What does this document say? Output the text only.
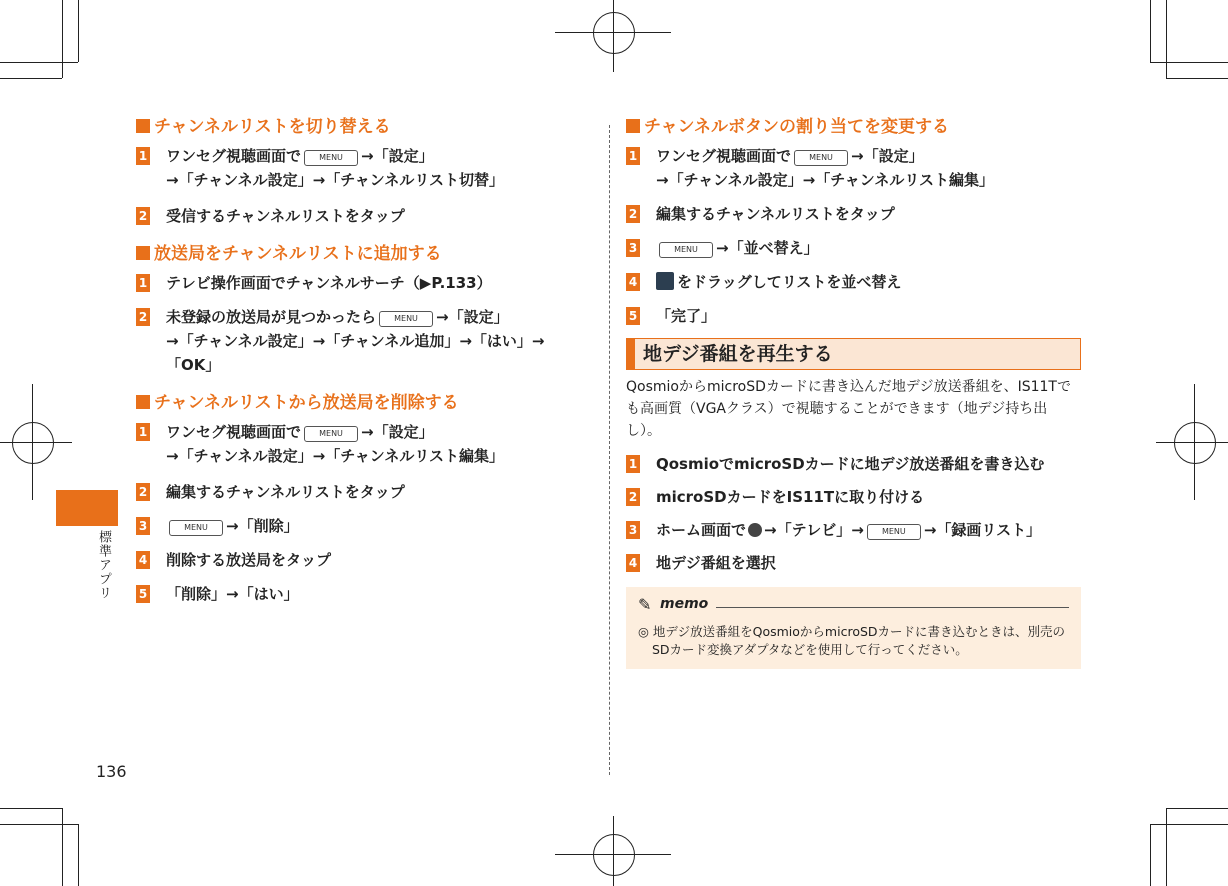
チャンネルリストを切り替える

1 ワンセグ視聴画面で MENU →「設定」
→「チャンネル設定」→「チャンネルリスト切替」
2 受信するチャンネルリストをタップ

放送局をチャンネルリストに追加する

1 テレビ操作画面でチャンネルサーチ（▶P.133）
2 未登録の放送局が見つかったら MENU →「設定」
→「チャンネル設定」→「チャンネル追加」→「はい」→「OK」

チャンネルリストから放送局を削除する

1 ワンセグ視聴画面で MENU →「設定」
→「チャンネル設定」→「チャンネルリスト編集」
2 編集するチャンネルリストをタップ
3	MENU →「削除」
4 削除する放送局をタップ
5 「削除」→「はい」

チャンネルボタンの割り当てを変更する

1 ワンセグ視聴画面で MENU →「設定」
→「チャンネル設定」→「チャンネルリスト編集」
2 編集するチャンネルリストをタップ
3	MENU →「並べ替え」
4	をドラッグしてリストを並べ替え
5 「完了」
地デジ番組を再生する

QosmioからmicroSDカードに書き込んだ地デジ放送番組を、IS11Tでも高画質（VGAクラス）で視聴することができます（地デジ持ち出し）。

1 QosmioでmicroSDカードに地デジ放送番組を書き込む
2 microSDカードをIS11Tに取り付ける
3 ホーム画面で →「テレビ」→ MENU →「録画リスト」
4 地デジ番組を選択
✎ memo
◎ 地デジ放送番組をQosmioからmicroSDカードに書き込むときは、別売のSDカード変換アダプタなどを使用して行ってください。
標準アプリ
136
